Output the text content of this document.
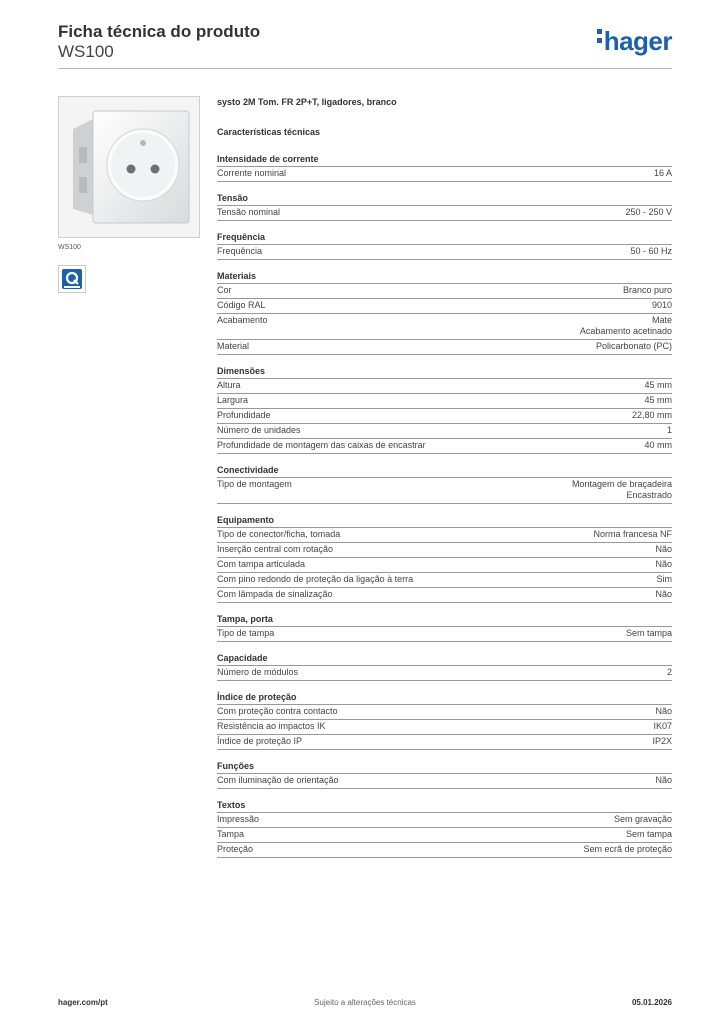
Ficha técnica do produto
WS100	hager
WS100
systo 2M Tom. FR 2P+T, ligadores, branco
Características técnicas
Intensidade de corrente
Corrente nominal	16 A
Tensão
Tensão nominal	250 - 250 V
Frequência
Frequência	50 - 60 Hz
Materiais
Cor	Branco puro
Código RAL	9010
Acabamento	Mate
Acabamento acetinado
Material	Policarbonato (PC)
Dimensões
Altura	45 mm
Largura	45 mm
Profundidade	22,80 mm
Número de unidades	1
Profundidade de montagem das caixas de encastrar	40 mm
Conectividade
Tipo de montagem	Montagem de braçadeira
Encastrado
Equipamento
Tipo de conector/ficha, tomada	Norma francesa NF
Inserção central com rotação	Não
Com tampa articulada	Não
Com pino redondo de proteção da ligação à terra	Sim
Com lâmpada de sinalização	Não
Tampa, porta
Tipo de tampa	Sem tampa
Capacidade
Número de módulos	2
Índice de proteção
Com proteção contra contacto	Não
Resistência ao impactos IK	IK07
Índice de proteção IP	IP2X
Funções
Com iluminação de orientação	Não
Textos
Impressão	Sem gravação
Tampa	Sem tampa
Proteção	Sem ecrã de proteção
hager.com/pt	Sujeito a alterações técnicas	05.01.2026
